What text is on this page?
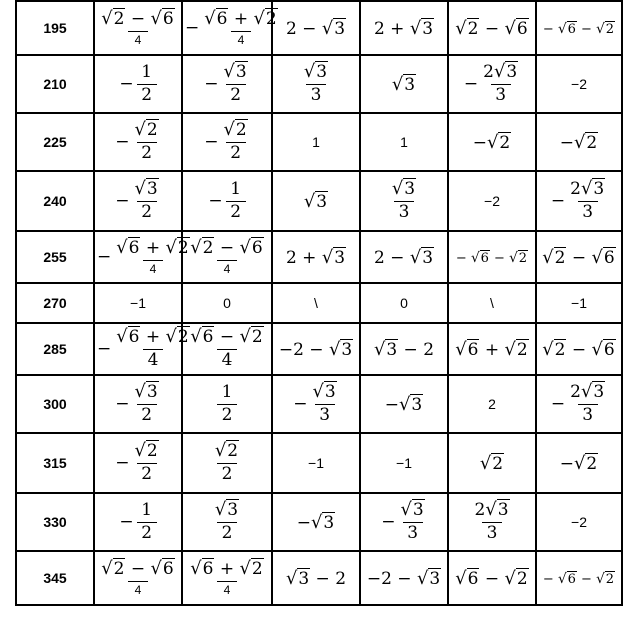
195	$\frac{√2 - √6}{4}$	− $\frac{√6 + √2}{4}$	2 − √3	2 + √3	√2 − √6	− √6 − √2
210	− $\frac{1}{2}$	− $\frac{√3}{2}$	$\frac{√3}{3}$	√3	− $\frac{2√3}{3}$	−2
225	− $\frac{√2}{2}$	− $\frac{√2}{2}$	1	1	−√2	−√2
240	− $\frac{√3}{2}$	− $\frac{1}{2}$	√3	$\frac{√3}{3}$	−2	− $\frac{2√3}{3}$

255	− $\frac{√6 + √2}{4}$	$\frac{√2 - √6}{4}$	2 + √3	2 − √3	− √6 − √2	√2 − √6
270	−1	0	\	0	\	−1
285	− $\frac{√6 + √2}{4}$	$\frac{√6 - √2}{4}$	−2 − √3	√3 − 2	√6 + √2	√2 − √6
300	− $\frac{√3}{2}$	$\frac{1}{2}$	− $\frac{√3}{3}$	−√3	2	− $\frac{2√3}{3}$

315	− $\frac{√2}{2}$	$\frac{√2}{2}$	−1	−1	√2	−√2
330	− $\frac{1}{2}$	$\frac{√3}{2}$	−√3	− $\frac{√3}{3}$	$\frac{2√3}{3}$	−2
345	$\frac{√2 - √6}{4}$	$\frac{√6 + √2}{4}$	√3 − 2	−2 − √3	√6 − √2	− √6 − √2
